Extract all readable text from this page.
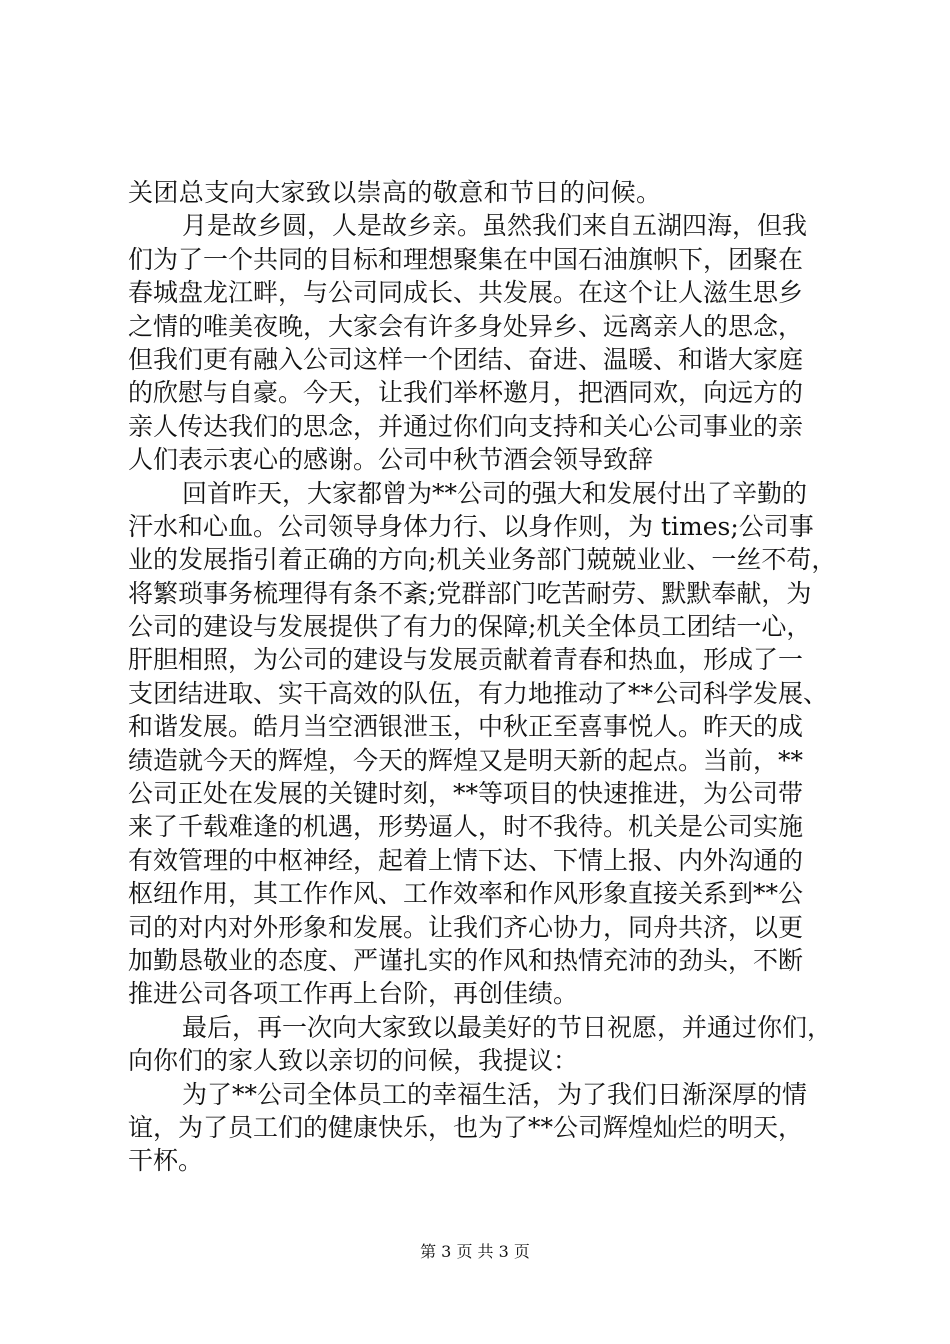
关团总支向大家致以崇高的敬意和节日的问候。
月是故乡圆，人是故乡亲。虽然我们来自五湖四海，但我
们为了一个共同的目标和理想聚集在中国石油旗帜下，团聚在
春城盘龙江畔，与公司同成长、共发展。在这个让人滋生思乡
之情的唯美夜晚，大家会有许多身处异乡、远离亲人的思念，
但我们更有融入公司这样一个团结、奋进、温暖、和谐大家庭
的欣慰与自豪。今天，让我们举杯邀月，把酒同欢，向远方的
亲人传达我们的思念，并通过你们向支持和关心公司事业的亲
人们表示衷心的感谢。公司中秋节酒会领导致辞
回首昨天，大家都曾为**公司的强大和发展付出了辛勤的
汗水和心血。公司领导身体力行、以身作则，为 times;公司事
业的发展指引着正确的方向;机关业务部门兢兢业业、一丝不苟，
将繁琐事务梳理得有条不紊;党群部门吃苦耐劳、默默奉献，为
公司的建设与发展提供了有力的保障;机关全体员工团结一心，
肝胆相照，为公司的建设与发展贡献着青春和热血，形成了一
支团结进取、实干高效的队伍，有力地推动了**公司科学发展、
和谐发展。皓月当空洒银泄玉，中秋正至喜事悦人。昨天的成
绩造就今天的辉煌，今天的辉煌又是明天新的起点。当前，**
公司正处在发展的关键时刻，**等项目的快速推进，为公司带
来了千载难逢的机遇，形势逼人，时不我待。机关是公司实施
有效管理的中枢神经，起着上情下达、下情上报、内外沟通的
枢纽作用，其工作作风、工作效率和作风形象直接关系到**公
司的对内对外形象和发展。让我们齐心协力，同舟共济，以更
加勤恳敬业的态度、严谨扎实的作风和热情充沛的劲头，不断
推进公司各项工作再上台阶，再创佳绩。
最后，再一次向大家致以最美好的节日祝愿，并通过你们，
向你们的家人致以亲切的问候，我提议：
为了**公司全体员工的幸福生活，为了我们日渐深厚的情
谊，为了员工们的健康快乐，也为了**公司辉煌灿烂的明天，
干杯。
第 3 页 共 3 页
